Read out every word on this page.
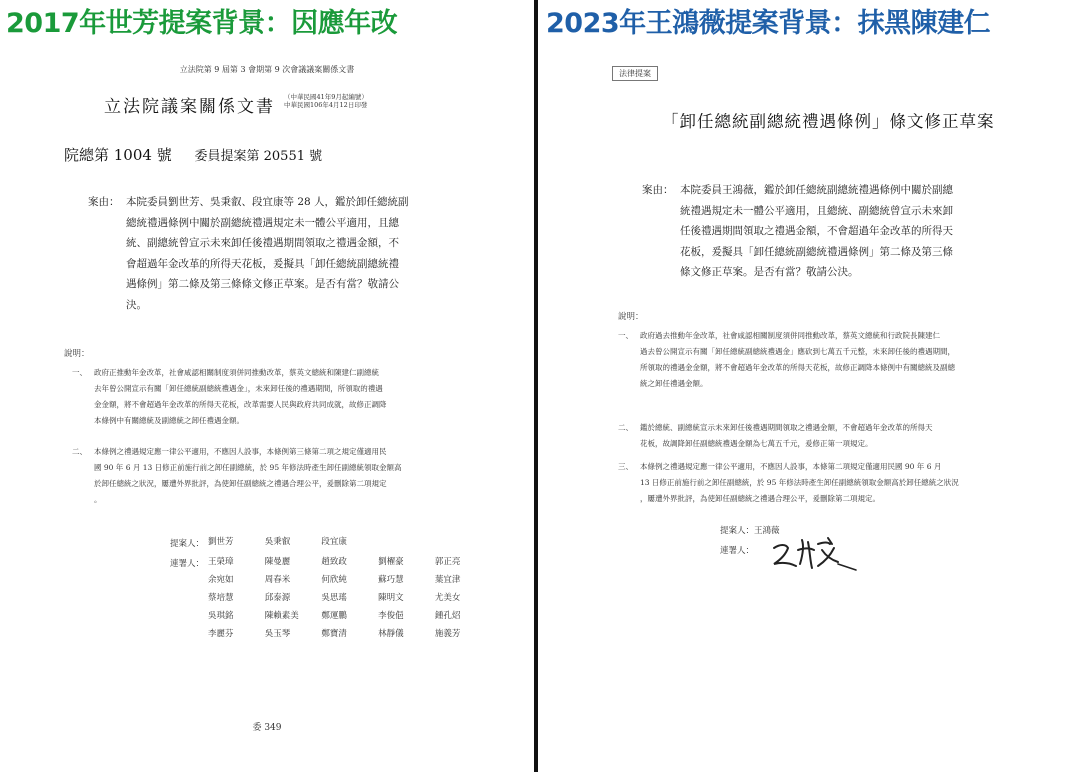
2017年世芳提案背景：因應年改
立法院第 9 屆第 3 會期第 9 次會議議案關係文書
立法院議案關係文書 （中華民國41年9月起編號）
中華民國106年4月12日印發
院總第 1004 號 委員提案第 20551 號
案由： 本院委員劉世芳、吳秉叡、段宜康等 28 人，鑑於卸任總統副
總統禮遇條例中關於副總統禮遇規定未一體公平適用，且總
統、副總統曾宣示未來卸任後禮遇期間領取之禮遇金額，不
會超過年金改革的所得天花板，爰擬具「卸任總統副總統禮
遇條例」第二條及第三條條文修正草案。是否有當？敬請公
決。
說明：
一、 政府正推動年金改革，社會咸認相關制度須併同推動改革，蔡英文總統和陳建仁副總統
去年曾公開宣示有關「卸任總統副總統禮遇金」，未來卸任後的禮遇期間，所領取的禮遇
金金額，將不會超過年金改革的所得天花板，改革需要人民與政府共同成就，故修正調降
本條例中有關總統及副總統之卸任禮遇金額。
二、 本條例之禮遇規定應一律公平適用，不應因人設事，本條例第三條第二項之規定僅適用民
國 90 年 6 月 13 日修正前施行前之卸任副總統，於 95 年修法時產生卸任副總統領取金額高
於卸任總統之狀況，屢遭外界批評，為使卸任副總統之禮遇合理公平，爰刪除第二項規定
。
提案人： 劉世芳	吳秉叡	段宜康
連署人： 王榮璋	陳曼麗	趙致政	劉櫂豪	郭正亮
余宛如	周春米	何欣純	蘇巧慧	葉宜津
蔡培慧	邱泰源	吳思瑤	陳明文	尤美女
吳琪銘	陳賴素美	鄭運鵬	李俊俋	鍾孔炤
李麗芬	吳玉琴	鄭寶清	林靜儀	施義芳
委 349
2023年王鴻薇提案背景：抹黑陳建仁
法律提案
「卸任總統副總統禮遇條例」條文修正草案
案由： 本院委員王鴻薇，鑑於卸任總統副總統禮遇條例中關於副總
統禮遇規定未一體公平適用，且總統、副總統曾宣示未來卸
任後禮遇期間領取之禮遇金額，不會超過年金改革的所得天
花板，爰擬具「卸任總統副總統禮遇條例」第二條及第三條
條文修正草案。是否有當？敬請公決。
說明：
一、 政府過去推動年金改革，社會咸認相關制度須併同推動改革，蔡英文總統和行政院長陳建仁
過去曾公開宣示有關「卸任總統副總統禮遇金」應砍到七萬五千元整，未來卸任後的禮遇期間，
所領取的禮遇金金額，將不會超過年金改革的所得天花板，故修正調降本條例中有關總統及副總
統之卸任禮遇金額。
二、 鑑於總統、副總統宣示未來卸任後禮遇期間領取之禮遇金額，不會超過年金改革的所得天
花板，故調降卸任副總統禮遇金額為七萬五千元，爰修正第一項規定。
三、 本條例之禮遇規定應一律公平適用，不應因人設事，本條第二項規定僅適用民國 90 年 6 月
13 日修正前施行前之卸任副總統，於 95 年修法時產生卸任副總統領取金額高於卸任總統之狀況
，屢遭外界批評，為使卸任副總統之禮遇合理公平，爰刪除第二項規定。
提案人：王鴻薇
連署人：
